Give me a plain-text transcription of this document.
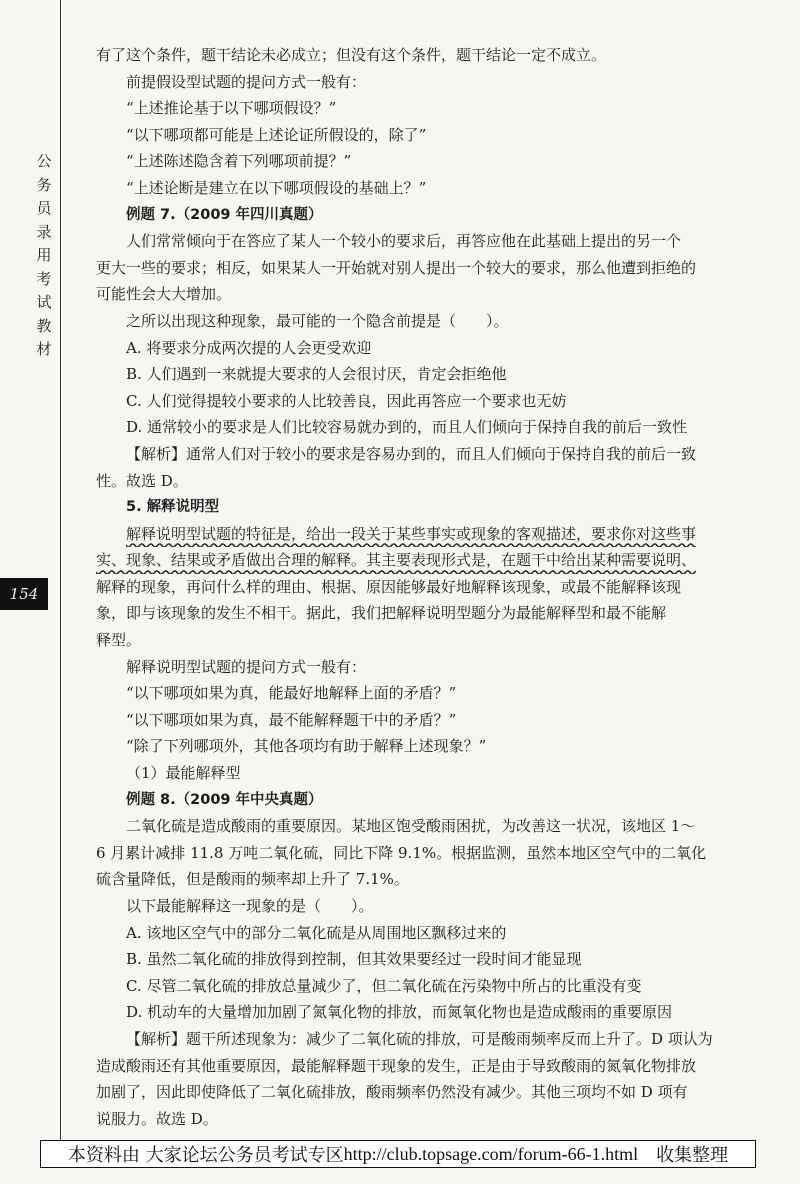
公
务
员
录
用
考
试
教
材
154

有了这个条件，题干结论未必成立；但没有这个条件，题干结论一定不成立。

前提假设型试题的提问方式一般有：

“上述推论基于以下哪项假设？”

“以下哪项都可能是上述论证所假设的，除了”

“上述陈述隐含着下列哪项前提？”

“上述论断是建立在以下哪项假设的基础上？”

例题 7.（2009 年四川真题）

人们常常倾向于在答应了某人一个较小的要求后，再答应他在此基础上提出的另一个

更大一些的要求；相反，如果某人一开始就对别人提出一个较大的要求，那么他遭到拒绝的

可能性会大大增加。

之所以出现这种现象，最可能的一个隐含前提是（　　）。

A. 将要求分成两次提的人会更受欢迎

B. 人们遇到一来就提大要求的人会很讨厌，肯定会拒绝他

C. 人们觉得提较小要求的人比较善良，因此再答应一个要求也无妨

D. 通常较小的要求是人们比较容易就办到的，而且人们倾向于保持自我的前后一致性

【解析】通常人们对于较小的要求是容易办到的，而且人们倾向于保持自我的前后一致

性。故选 D。

5. 解释说明型

解释说明型试题的特征是，给出一段关于某些事实或现象的客观描述，要求你对这些事

实、现象、结果或矛盾做出合理的解释。其主要表现形式是，在题干中给出某种需要说明、

解释的现象，再问什么样的理由、根据、原因能够最好地解释该现象，或最不能解释该现

象，即与该现象的发生不相干。据此，我们把解释说明型题分为最能解释型和最不能解

释型。

解释说明型试题的提问方式一般有：

“以下哪项如果为真，能最好地解释上面的矛盾？”

“以下哪项如果为真，最不能解释题干中的矛盾？”

“除了下列哪项外，其他各项均有助于解释上述现象？”

（1）最能解释型

例题 8.（2009 年中央真题）

二氧化硫是造成酸雨的重要原因。某地区饱受酸雨困扰，为改善这一状况，该地区 1～

6 月累计减排 11.8 万吨二氧化硫，同比下降 9.1%。根据监测，虽然本地区空气中的二氧化

硫含量降低，但是酸雨的频率却上升了 7.1%。

以下最能解释这一现象的是（　　）。

A. 该地区空气中的部分二氧化硫是从周围地区飘移过来的

B. 虽然二氧化硫的排放得到控制，但其效果要经过一段时间才能显现

C. 尽管二氧化硫的排放总量减少了，但二氧化硫在污染物中所占的比重没有变

D. 机动车的大量增加加剧了氮氧化物的排放，而氮氧化物也是造成酸雨的重要原因

【解析】题干所述现象为：减少了二氧化硫的排放，可是酸雨频率反而上升了。D 项认为

造成酸雨还有其他重要原因，最能解释题干现象的发生，正是由于导致酸雨的氮氧化物排放

加剧了，因此即使降低了二氧化硫排放，酸雨频率仍然没有减少。其他三项均不如 D 项有

说服力。故选 D。

本资料由 大家论坛公务员考试专区 http://club.topsage.com/forum-66-1.html 收集整理
